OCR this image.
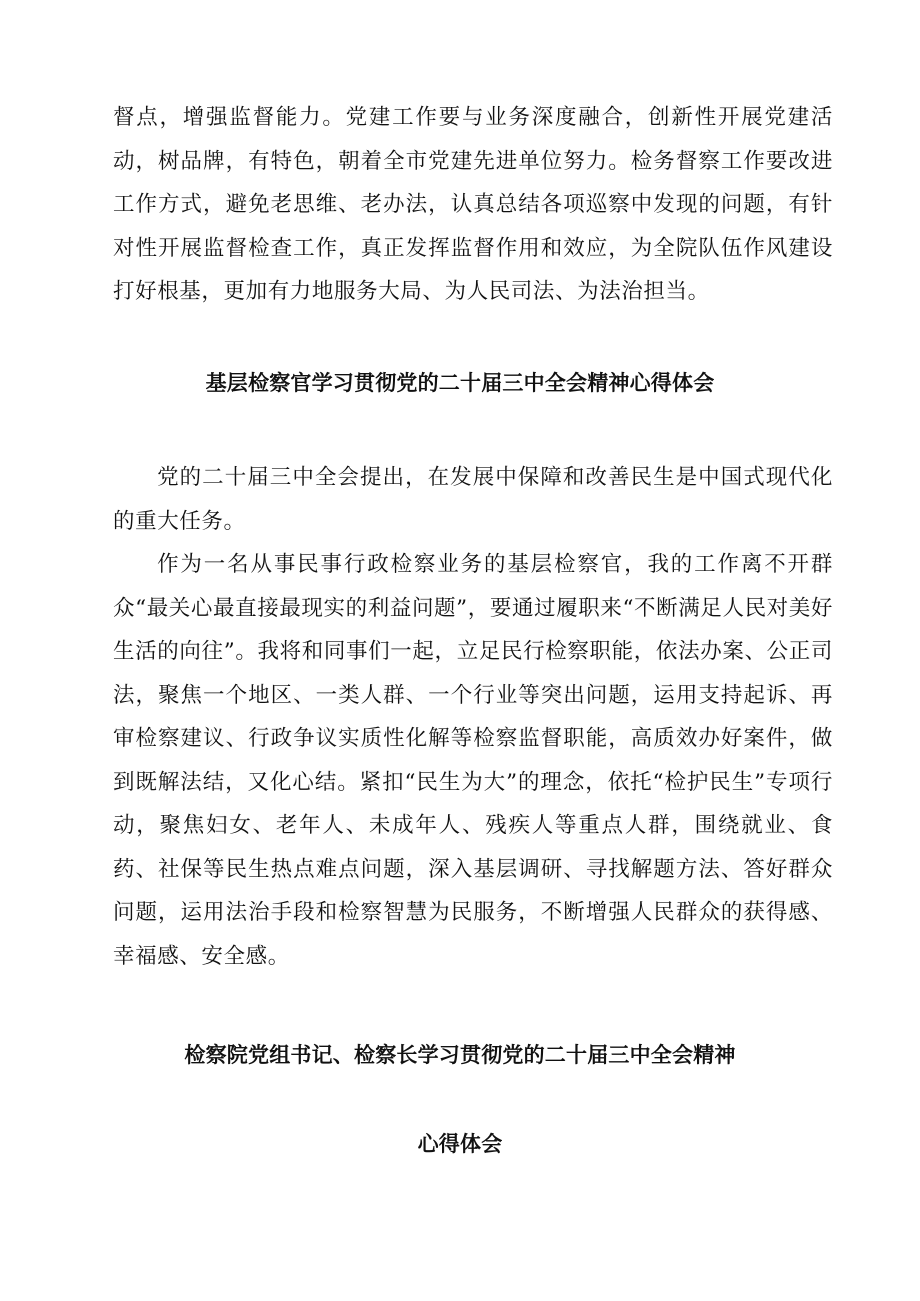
督点，增强监督能力。党建工作要与业务深度融合，创新性开展党建活动，树品牌，有特色，朝着全市党建先进单位努力。检务督察工作要改进工作方式，避免老思维、老办法，认真总结各项巡察中发现的问题，有针对性开展监督检查工作，真正发挥监督作用和效应，为全院队伍作风建设打好根基，更加有力地服务大局、为人民司法、为法治担当。

基层检察官学习贯彻党的二十届三中全会精神心得体会

党的二十届三中全会提出，在发展中保障和改善民生是中国式现代化的重大任务。

作为一名从事民事行政检察业务的基层检察官，我的工作离不开群众“最关心最直接最现实的利益问题”，要通过履职来“不断满足人民对美好生活的向往”。我将和同事们一起，立足民行检察职能，依法办案、公正司法，聚焦一个地区、一类人群、一个行业等突出问题，运用支持起诉、再审检察建议、行政争议实质性化解等检察监督职能，高质效办好案件，做到既解法结，又化心结。紧扣“民生为大”的理念，依托“检护民生”专项行动，聚焦妇女、老年人、未成年人、残疾人等重点人群，围绕就业、食药、社保等民生热点难点问题，深入基层调研、寻找解题方法、答好群众问题，运用法治手段和检察智慧为民服务，不断增强人民群众的获得感、幸福感、安全感。

检察院党组书记、检察长学习贯彻党的二十届三中全会精神
心得体会
